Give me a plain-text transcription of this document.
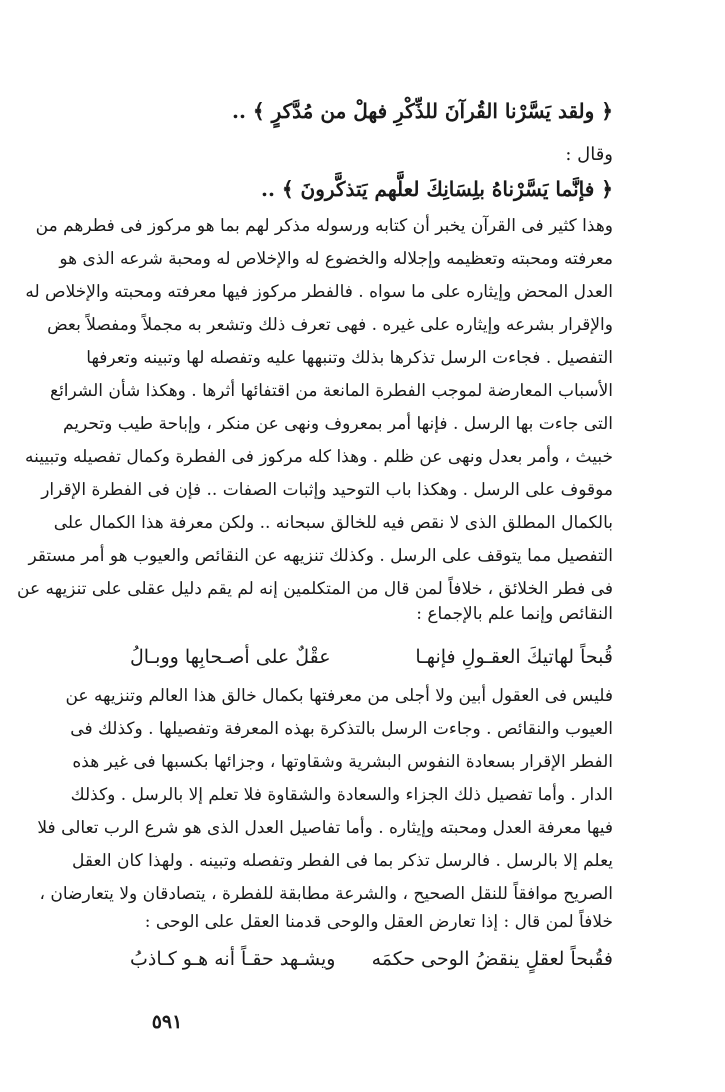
﴿ ولقد يَسَّرْنا القُرآنَ للذِّكْرِ فهلْ من مُدَّكرٍ ﴾ ..
وقال :
﴿ فإنَّما يَسَّرْناهُ بلِسَانِكَ لعلَّهم يَتذكَّرونَ ﴾ ..
وهذا كثير فى القرآن يخبر أن كتابه ورسوله مذكر لهم بما هو مركوز فى فطرهم من
معرفته ومحبته وتعظيمه وإجلاله والخضوع له والإخلاص له ومحبة شرعه الذى هو
العدل المحض وإيثاره على ما سواه . فالفطر مركوز فيها معرفته ومحبته والإخلاص له
والإقرار بشرعه وإيثاره على غيره . فهى تعرف ذلك وتشعر به مجملاً ومفصلاً بعض
التفصيل . فجاءت الرسل تذكرها بذلك وتنبهها عليه وتفصله لها وتبينه وتعرفها
الأسباب المعارضة لموجب الفطرة المانعة من اقتفائها أثرها . وهكذا شأن الشرائع
التى جاءت بها الرسل . فإنها أمر بمعروف ونهى عن منكر ، وإباحة طيب وتحريم
خبيث ، وأمر بعدل ونهى عن ظلم . وهذا كله مركوز فى الفطرة وكمال تفصيله وتبيينه
موقوف على الرسل . وهكذا باب التوحيد وإثبات الصفات .. فإن فى الفطرة الإقرار
بالكمال المطلق الذى لا نقص فيه للخالق سبحانه .. ولكن معرفة هذا الكمال على
التفصيل مما يتوقف على الرسل . وكذلك تنزيهه عن النقائص والعيوب هو أمر مستقر
فى فطر الخلائق ، خلافاً لمن قال من المتكلمين إنه لم يقم دليل عقلى على تنزيهه عن
النقائص وإنما علم بالإجماع :
قُبحاً لهاتيكَ العقـولِ فإنهـا
عقْلٌ على أصـحابِها ووبـالُ
فليس فى العقول أبين ولا أجلى من معرفتها بكمال خالق هذا العالم وتنزيهه عن
العيوب والنقائص . وجاءت الرسل بالتذكرة بهذه المعرفة وتفصيلها . وكذلك فى
الفطر الإقرار بسعادة النفوس البشرية وشقاوتها ، وجزائها بكسبها فى غير هذه
الدار . وأما تفصيل ذلك الجزاء والسعادة والشقاوة فلا تعلم إلا بالرسل . وكذلك
فيها معرفة العدل ومحبته وإيثاره . وأما تفاصيل العدل الذى هو شرع الرب تعالى فلا
يعلم إلا بالرسل . فالرسل تذكر بما فى الفطر وتفصله وتبينه . ولهذا كان العقل
الصريح موافقاً للنقل الصحيح ، والشرعة مطابقة للفطرة ، يتصادقان ولا يتعارضان ،
خلافاً لمن قال : إذا تعارض العقل والوحى قدمنا العقل على الوحى :
فقُبحاً لعقلٍ ينقضُ الوحى حكمَه
ويشـهد حقـاً أنه هـو كـاذبُ
٥٩١
